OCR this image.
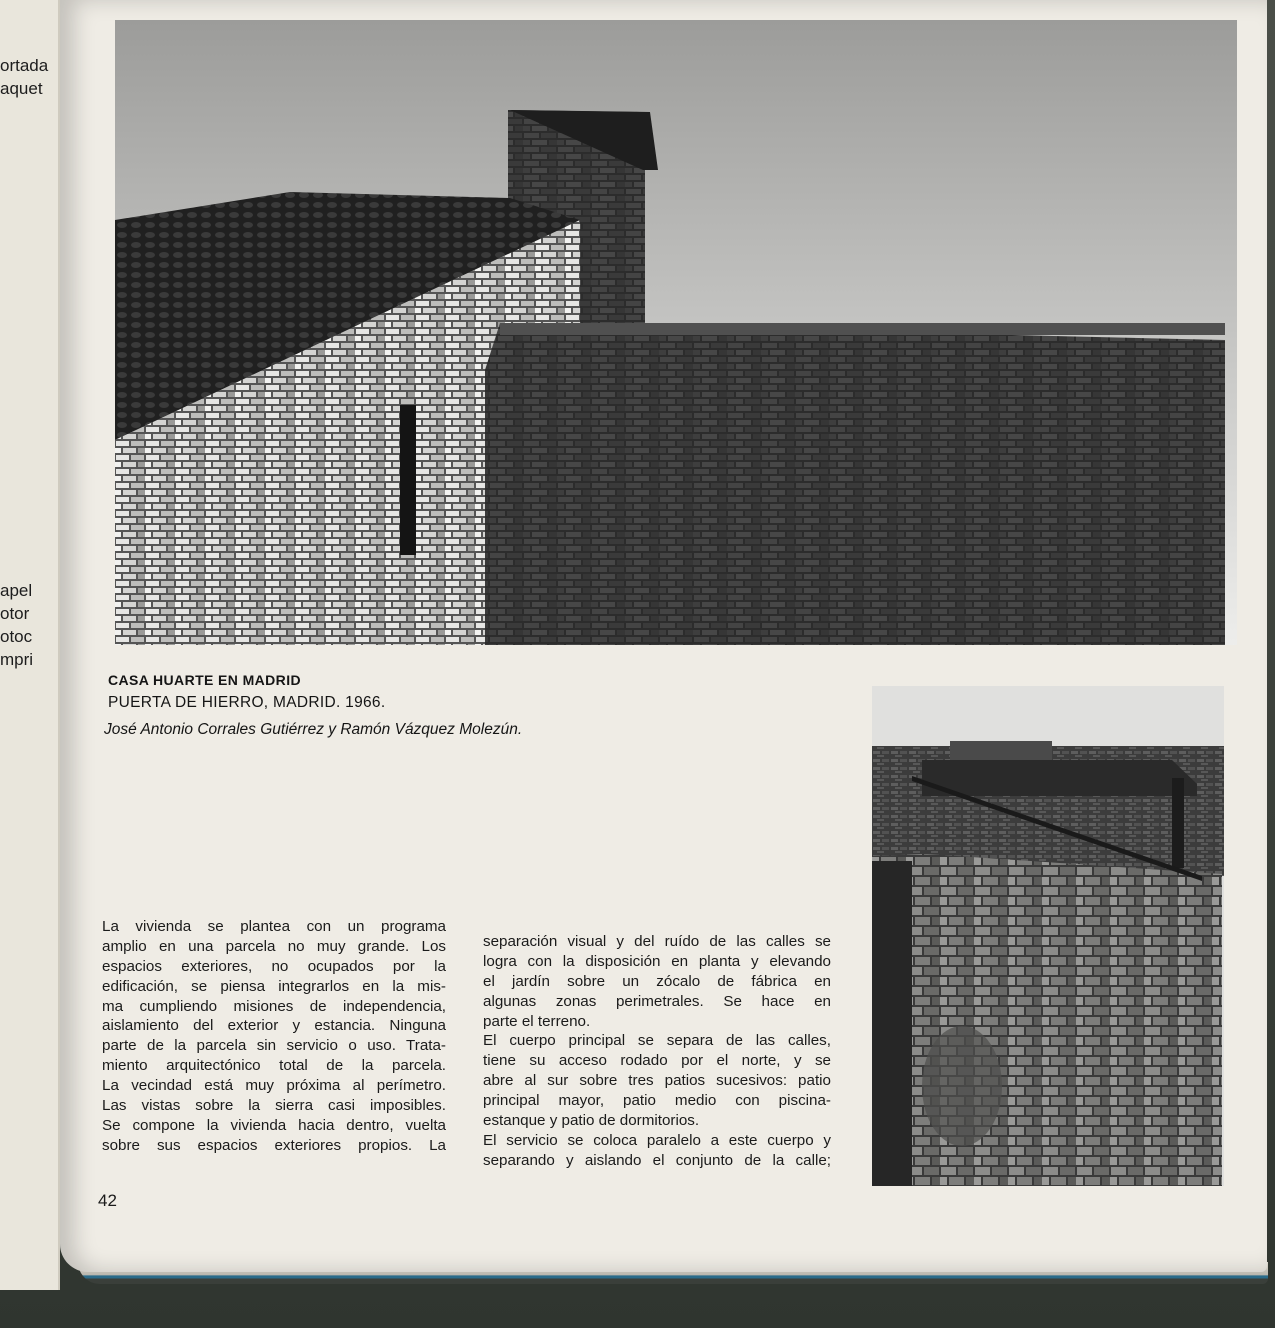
ortada
aquet
apel
otor
otoc
mpri
CASA HUARTE EN MADRID
PUERTA DE HIERRO, MADRID. 1966.
José Antonio Corrales Gutiérrez y Ramón Vázquez Molezún.
La vivienda se plantea con un programa
amplio en una parcela no muy grande. Los
espacios exteriores, no ocupados por la
edificación, se piensa integrarlos en la mis-
ma cumpliendo misiones de independencia,
aislamiento del exterior y estancia. Ninguna
parte de la parcela sin servicio o uso. Trata-
miento arquitectónico total de la parcela.
La vecindad está muy próxima al perímetro.
Las vistas sobre la sierra casi imposibles.
Se compone la vivienda hacia dentro, vuelta
sobre sus espacios exteriores propios. La
separación visual y del ruído de las calles se
logra con la disposición en planta y elevando
el jardín sobre un zócalo de fábrica en
algunas zonas perimetrales. Se hace en
parte el terreno.
El cuerpo principal se separa de las calles,
tiene su acceso rodado por el norte, y se
abre al sur sobre tres patios sucesivos: patio
principal mayor, patio medio con piscina-
estanque y patio de dormitorios.
El servicio se coloca paralelo a este cuerpo y
separando y aislando el conjunto de la calle;
42
